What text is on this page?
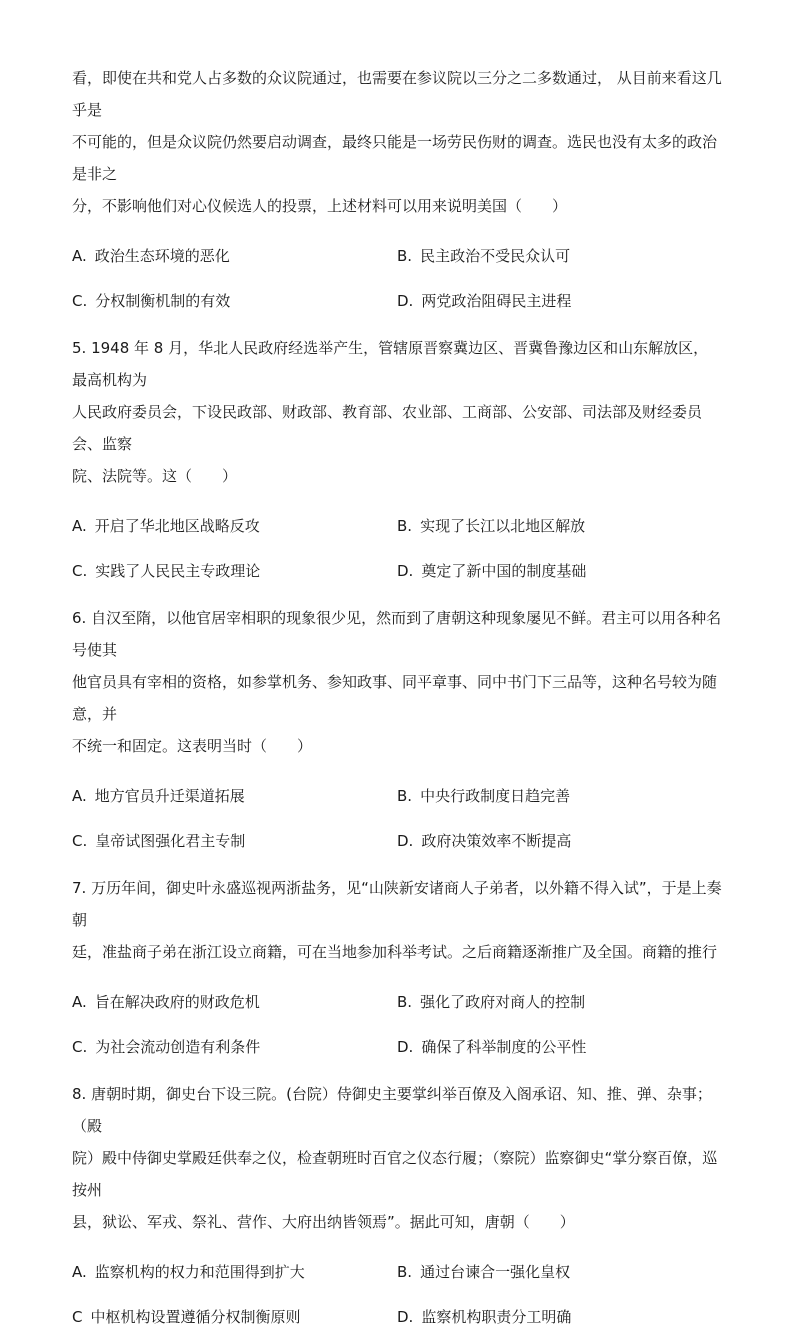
看，即使在共和党人占多数的众议院通过，也需要在参议院以三分之二多数通过， 从目前来看这几乎是

不可能的，但是众议院仍然要启动调查，最终只能是一场劳民伤财的调查。选民也没有太多的政治是非之

分，不影响他们对心仪候选人的投票，上述材料可以用来说明美国（　　）

A. 政治生态环境的恶化	B. 民主政治不受民众认可
C. 分权制衡机制的有效	D. 两党政治阻碍民主进程

5. 1948 年 8 月，华北人民政府经选举产生，管辖原晋察冀边区、晋冀鲁豫边区和山东解放区，最高机构为

人民政府委员会，下设民政部、财政部、教育部、农业部、工商部、公安部、司法部及财经委员会、监察

院、法院等。这（　　）

A. 开启了华北地区战略反攻	B. 实现了长江以北地区解放
C. 实践了人民民主专政理论	D. 奠定了新中国的制度基础

6. 自汉至隋，以他官居宰相职的现象很少见，然而到了唐朝这种现象屡见不鲜。君主可以用各种名号使其

他官员具有宰相的资格，如参掌机务、参知政事、同平章事、同中书门下三品等，这种名号较为随意，并

不统一和固定。这表明当时（　　）

A. 地方官员升迁渠道拓展	B. 中央行政制度日趋完善
C. 皇帝试图强化君主专制	D. 政府决策效率不断提高

7. 万历年间，御史叶永盛巡视两浙盐务，见“山陕新安诸商人子弟者，以外籍不得入试”，于是上奏朝

廷，准盐商子弟在浙江设立商籍，可在当地参加科举考试。之后商籍逐渐推广及全国。商籍的推行

A. 旨在解决政府的财政危机	B. 强化了政府对商人的控制
C. 为社会流动创造有利条件	D. 确保了科举制度的公平性

8. 唐朝时期，御史台下设三院。(台院）侍御史主要掌纠举百僚及入阁承诏、知、推、弹、杂事；（殿

院）殿中侍御史掌殿廷供奉之仪，检查朝班时百官之仪态行履；（察院）监察御史“掌分察百僚，巡按州

县，狱讼、军戎、祭礼、营作、大府出纳皆领焉”。据此可知，唐朝（　　）

A. 监察机构的权力和范围得到扩大	B. 通过台谏合一强化皇权
C 中枢机构设置遵循分权制衡原则	D. 监察机构职责分工明确
